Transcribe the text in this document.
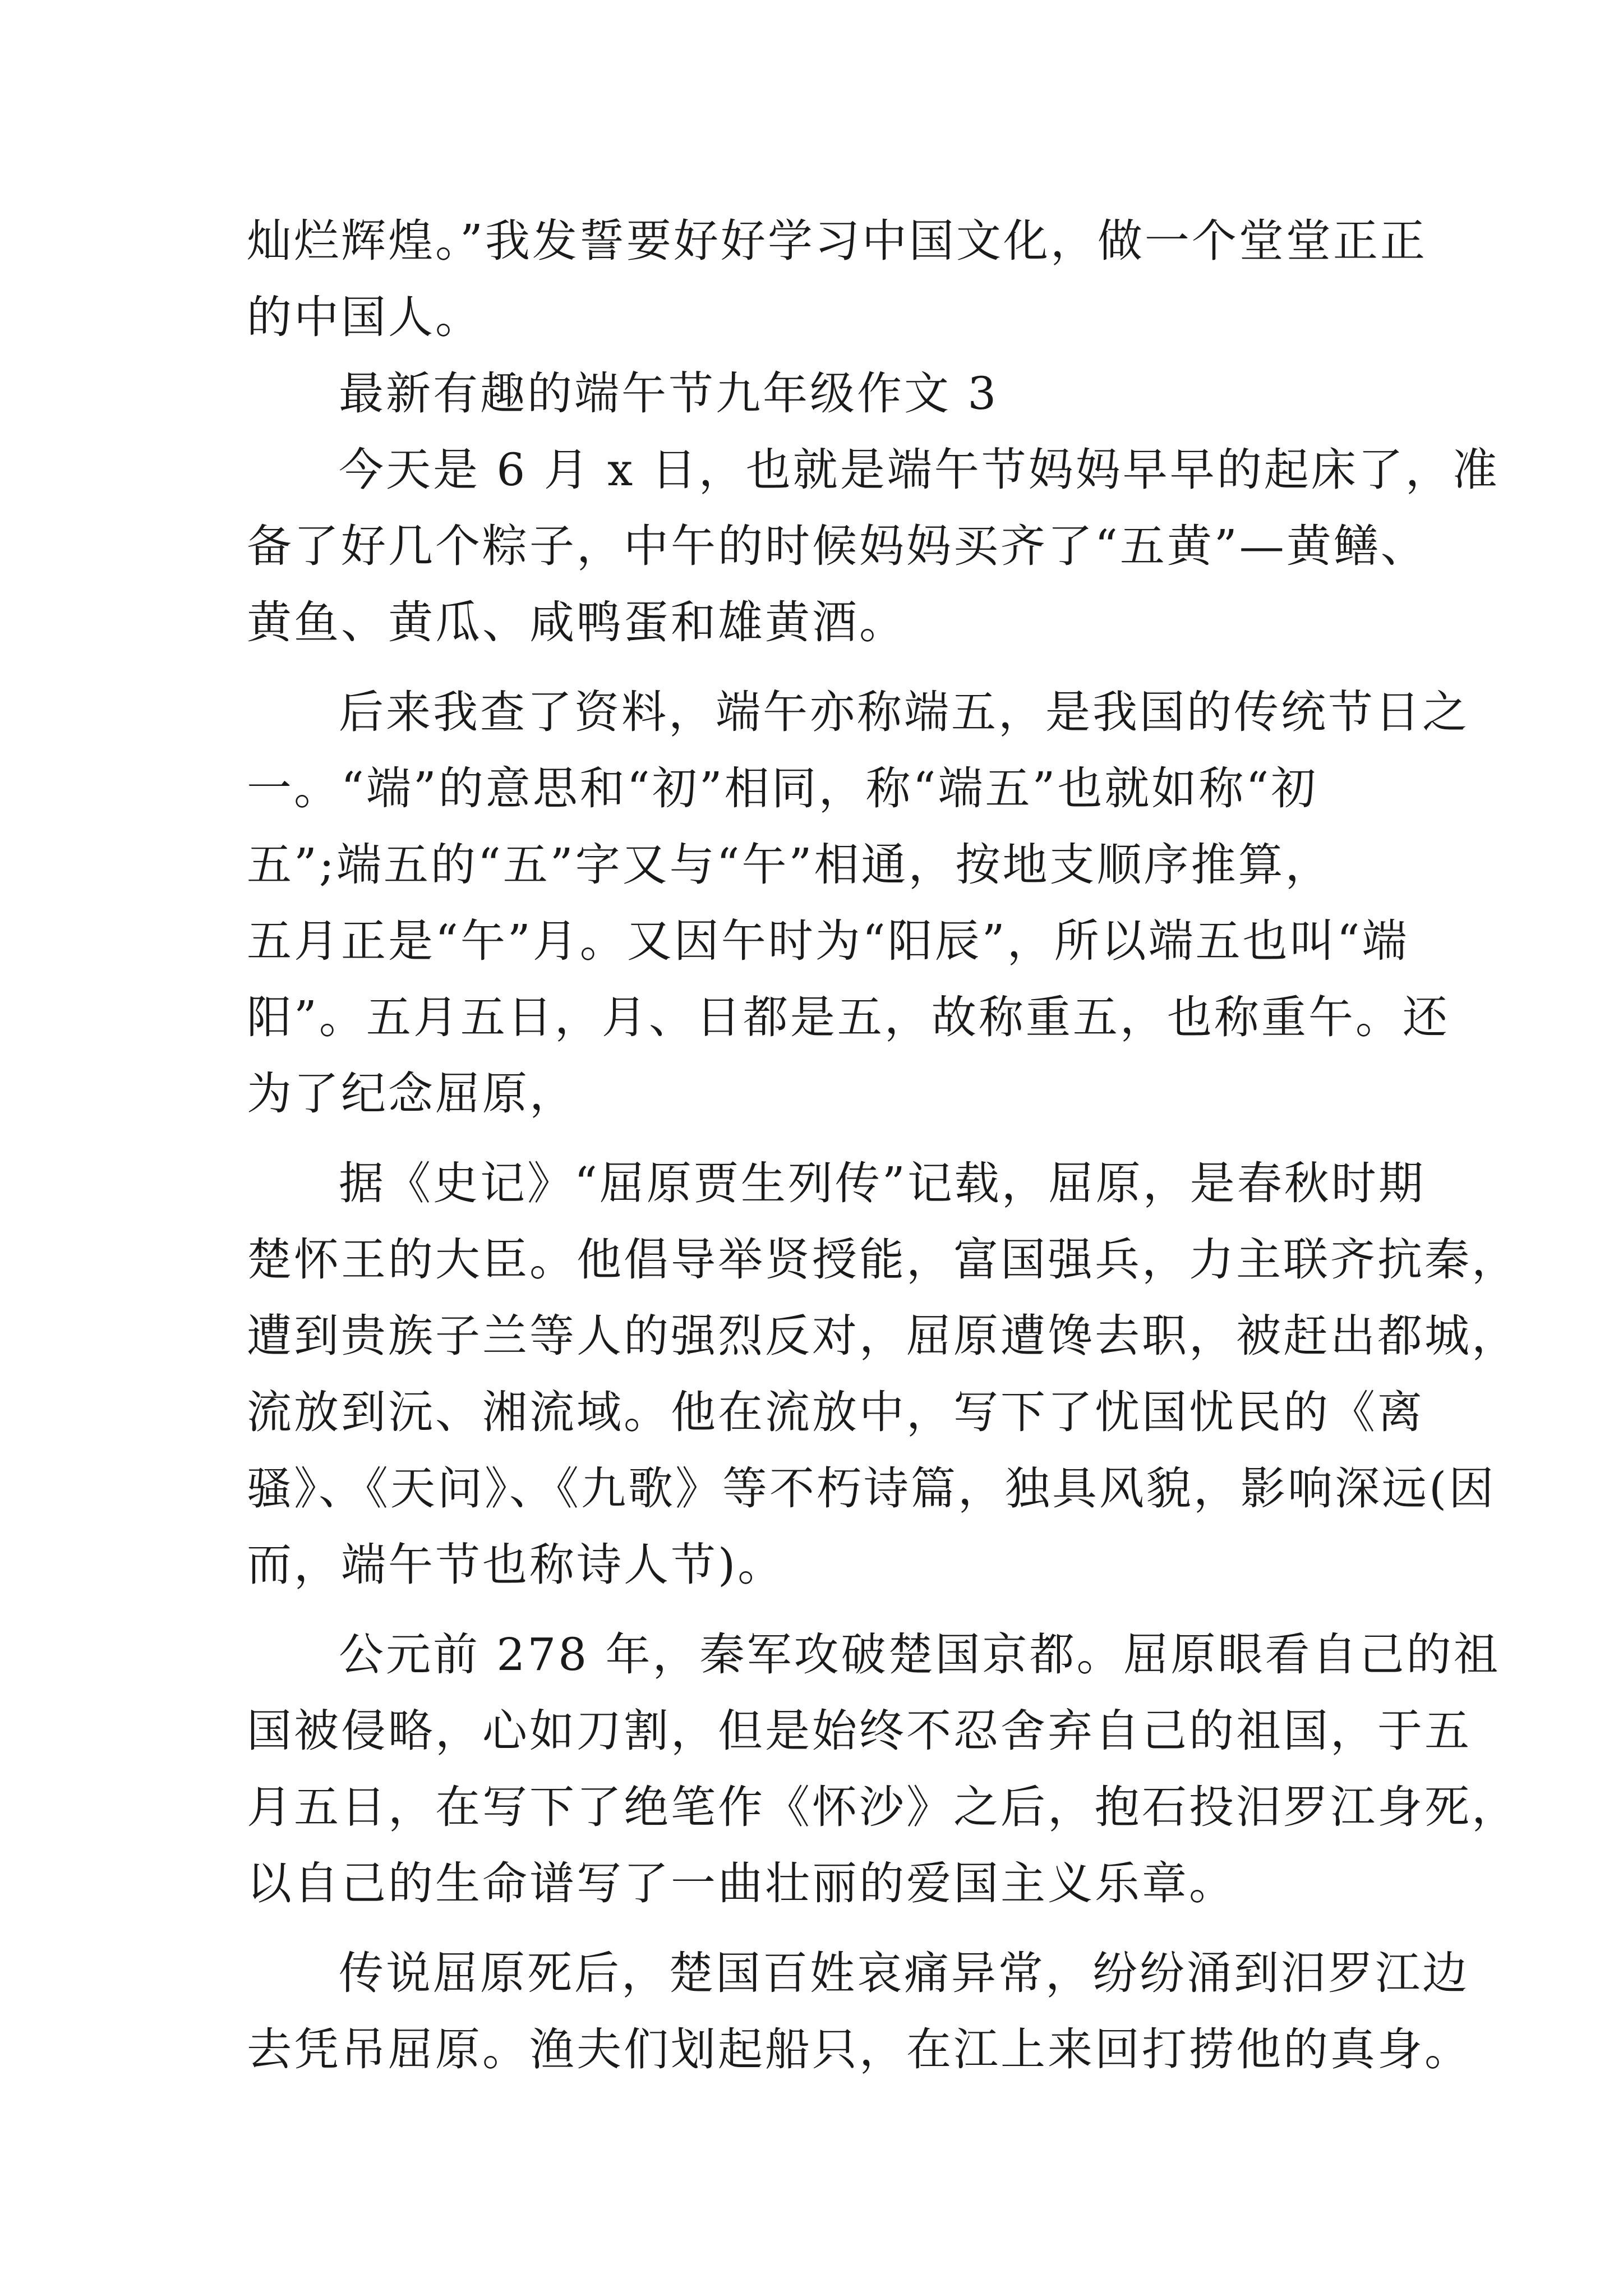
灿烂辉煌。”我发誓要好好学习中国文化，做一个堂堂正正
的中国人。
最新有趣的端午节九年级作文 3
今天是 6 月 x 日，也就是端午节妈妈早早的起床了，准
备了好几个粽子，中午的时候妈妈买齐了“五黄”—黄鳝、
黄鱼、黄瓜、咸鸭蛋和雄黄酒。
后来我查了资料，端午亦称端五，是我国的传统节日之
一。“端”的意思和“初”相同，称“端五”也就如称“初
五”;端五的“五”字又与“午”相通，按地支顺序推算，
五月正是“午”月。又因午时为“阳辰”，所以端五也叫“端
阳”。五月五日，月、日都是五，故称重五，也称重午。还
为了纪念屈原，
据《史记》“屈原贾生列传”记载，屈原，是春秋时期
楚怀王的大臣。他倡导举贤授能，富国强兵，力主联齐抗秦，
遭到贵族子兰等人的强烈反对，屈原遭馋去职，被赶出都城，
流放到沅、湘流域。他在流放中，写下了忧国忧民的《离
骚》、《天问》、《九歌》等不朽诗篇，独具风貌，影响深远(因
而，端午节也称诗人节)。
公元前 278 年，秦军攻破楚国京都。屈原眼看自己的祖
国被侵略，心如刀割，但是始终不忍舍弃自己的祖国，于五
月五日，在写下了绝笔作《怀沙》之后，抱石投汨罗江身死，
以自己的生命谱写了一曲壮丽的爱国主义乐章。
传说屈原死后，楚国百姓哀痛异常，纷纷涌到汨罗江边
去凭吊屈原。渔夫们划起船只，在江上来回打捞他的真身。
